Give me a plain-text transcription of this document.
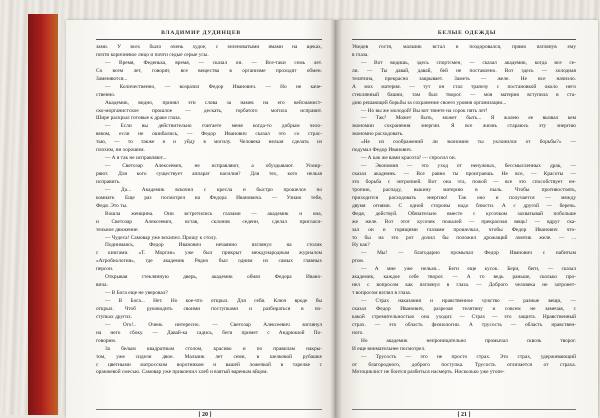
ВЛАДИМИР ДУДИНЦЕВ
зами. У всех было очень худое, с зеленоватыми ямами на щеках,
почти коричневое лицо и почти седые серые усы.
— Время, Феденька, время, — сказал он. — Все-таки семь лет.
Со всем лет, говорят, все вещества в организме проходят обмен.
Заменяются...
— Количественно, — возразил Федор Иванович. — Но не каче-
ственно.
Академик, видно, принял эти слова за намек на его вейсманист-
ско-морганистское прошлое — дескать, горбатого могила исправит.
Шире раскрыл готовые к драке глаза.
— Если вы действительно считаете меня когда-то добрым чело-
веком, если не ошибались, — Федор Иванович сказал это со страс-
тью, — то также я и уйду в могилу. Человека нельзя сделать из
плохим, ни хорошим.
— А я так не исправляют...
— Светозар Алексеевич, не исправляют, а обуздывают. Усмир-
ряют. Для кого существует aппарат насилия? Для тех, кого нельзя
исправить.
— Да... Академик вскочил с кресла и быстро прошелся по
комнате. Еще раз посмотрел на Федора Ивановича. — Узнаю тебя,
Федя. Это ты.
Вошла женщина. Они встретились глазами — академик и она,
и Светозар Алексеевич, встав, склонив седенн, сделал пригласи-
тельное движение:
— Чудеса! Самовар уже вскипел. Прошу к столу.
Поднимаясь, Федор Иванович нечаянно взглянул на столик
с книгами. «Т. Морган» уже был прикрыт международным журналом
«Агробиология», где академик Рядно был одним из самых главных
персон.
Открывая стеклянную дверь, академик обнял Федора Ивано-
вича.
— В Бога еще не уверовал?
— В Бога... Нет. Но кое-что открыл. Для себя. Ключ вроде бы
открыл. Чтоб руководить своими поступками и разбираться в по-
ступках других.
— Ого!.. Очень интересно. — Светозар Алексеевич взглянул
на него сбоку. — Давай-ка садись, беги примет с Андрюшой По-
говорим.
За белым квадратным столом, красиво и по правилам накры-
том, уже сидели двое. Мальчик лет семи, в шелковой рубашке
с цветными матросским воротником и вашей ложечкой в тарелке с
оранжевой смесью. Самовар уже прикончил хлеб и взятый вареным яйцом.
[ 20 ]
БЕЛЫЕ ОДЕЖДЫ
Увидев гостя, мальчик встал и поздоровался, прямо взглянув ему
в глаза.
— Вот видишь, здесь спортсмен, — сказал академик, когда все се-
ли. — Ты давай, давай, бей не поставлено. Вот здесь — холодная
телятина, прекрасно закрывает. Заметь — желе. Не все начнэло.
А мох материя. — тут он стал трапезу с постановкой около него
стеклянный башни, там был творог. — моя материя вступила в ста-
дию решающей борьбы за сохранение своего уровня организации...
— Но вы же молодой! Вы вот тянете на сорок пять лет!
— Так? Может быть, может быть... Я жалею ее вызвал кем
экономии сохранения энергии. Я все жизнь стараюсь эту энергию
экономно расходовать.
«Не из соображений ли экономии ты уклонился от борьбы?» —
подумал Федор Иванович.
— А как же вами красота? — спросил он.
— Экономия — это уход от ненужных, бессмысленных драк, —
сказал академик. — Все равно ты проиграешь. Не все, — Красоты —
это борьба с энтропией. Вот она эта, пожой — все это способствует ен-
тропию, распаду, выкину материю в пыль. Чтобы противостоять,
приходится расходовать энергию! Так оно и получается — между
двумя огнями. С одной стороны надо блюсти. А с другой — беречь.
Федя, действуй. Обязательно вместе с кусочком захватывай побольше
же желе. Вот этот кусочек пожалей — прекрасная вещь! — вдруг ска-
зал он и горящими глазами прошелкал, чтобы Федор Иванович что-
то бы на это рот долил бы положил дрожащий ломтик желе. — ...
Ну как?
— Мы! — благодарно промычал Федор Иванович с набитым
ртом.
— А мне уже нельзя... Беги еще кусок. Бери, беги, — сказал
академик, каждое себе творог. — А то ведь раньше, сколько про-
нел с вопросом как взглянул в глаза. — Доброго человека не затронет-
т вопросом взглял в глаза.
— Страх наказания и нравственное чувство — разные вещи, —
сказал Федор Иванович, разрезая телятину и совсем не замечая, с
какой стремительностью она уходит. — Страх — это защита. Нравственный
страх. — это область физиологии. А трусость — область нравствен-
ного.
Но академик непроницательно промычал сквозь творог.
И еще внимательнее посмотрел.
— Трусость — это не просто страх. Это страх, удерживающий
от благородного, доброго поступка. Трусость отличается от страха.
Мотоциклист не боится разбиться насмерть. Нисколько уже утопе-
[ 21 ]
